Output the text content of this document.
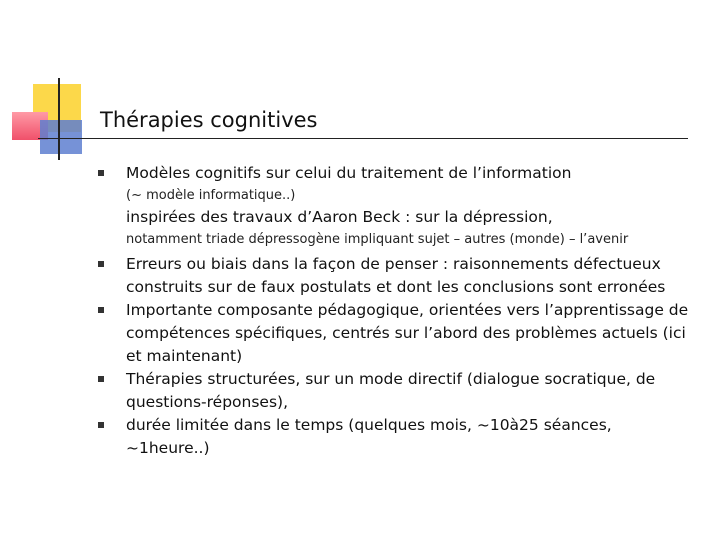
Thérapies cognitives
Modèles cognitifs sur celui du traitement de l’information
(~ modèle informatique..)
inspirées des travaux d’Aaron Beck : sur la dépression,
notamment triade dépressogène impliquant sujet – autres (monde) – l’avenir
Erreurs ou biais dans la façon de penser : raisonnements défectueux
construits sur de faux postulats et dont les conclusions sont erronées
Importante composante pédagogique, orientées vers l’apprentissage de
compétences spécifiques, centrés sur l’abord des problèmes actuels (ici
et maintenant)
Thérapies structurées, sur un mode directif (dialogue socratique, de
questions-réponses),
durée limitée dans le temps (quelques mois, ~10à25 séances,
~1heure..)
